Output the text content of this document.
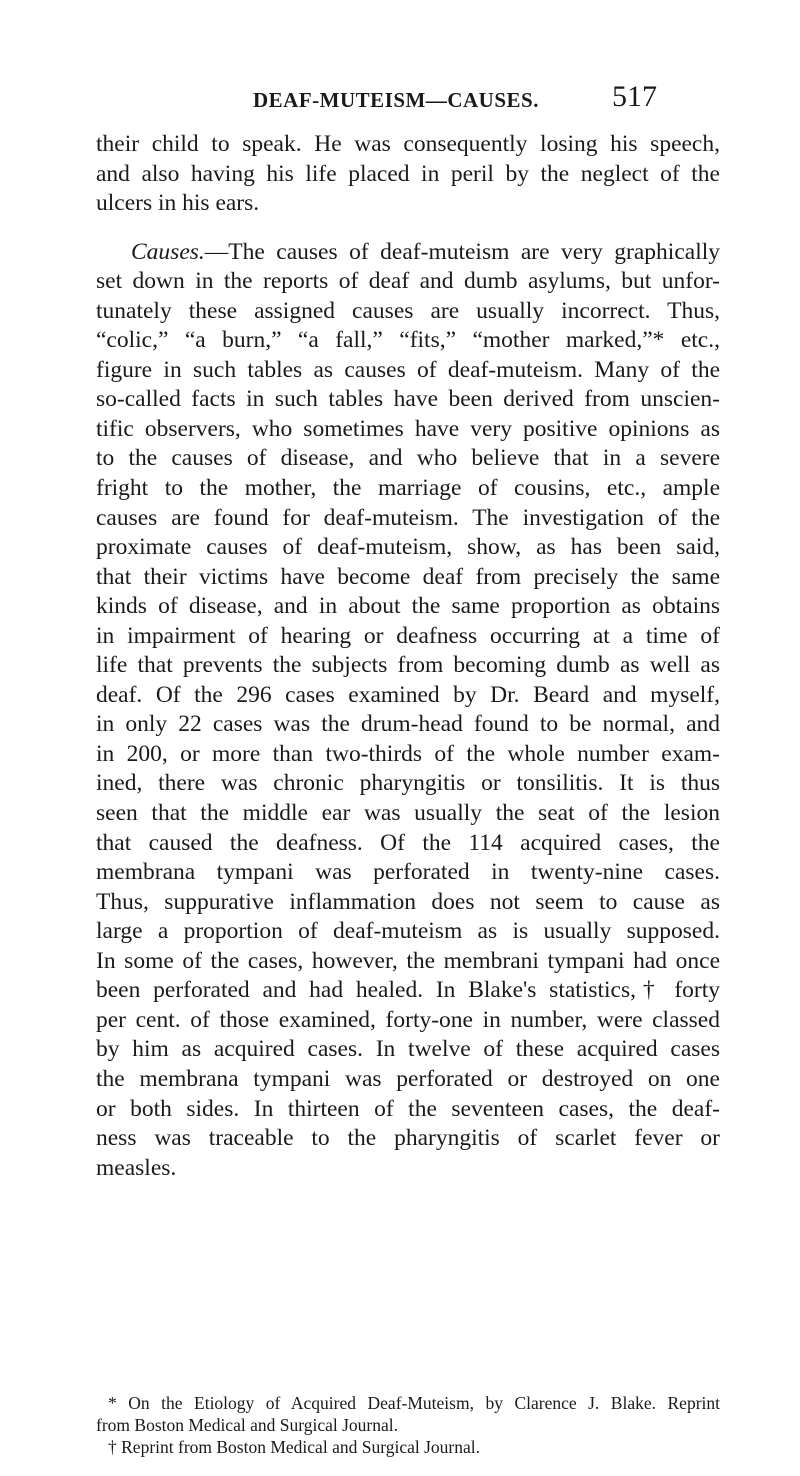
DEAF-MUTEISM—CAUSES. 517
their child to speak. He was consequently losing his speech,
and also having his life placed in peril by the neglect of the
ulcers in his ears.
Causes.—The causes of deaf-muteism are very graphically
set down in the reports of deaf and dumb asylums, but unfor-
tunately these assigned causes are usually incorrect. Thus,
“colic,” “a burn,” “a fall,” “fits,” “mother marked,”* etc.,
figure in such tables as causes of deaf-muteism. Many of the
so-called facts in such tables have been derived from unscien-
tific observers, who sometimes have very positive opinions as
to the causes of disease, and who believe that in a severe
fright to the mother, the marriage of cousins, etc., ample
causes are found for deaf-muteism. The investigation of the
proximate causes of deaf-muteism, show, as has been said,
that their victims have become deaf from precisely the same
kinds of disease, and in about the same proportion as obtains
in impairment of hearing or deafness occurring at a time of
life that prevents the subjects from becoming dumb as well as
deaf. Of the 296 cases examined by Dr. Beard and myself,
in only 22 cases was the drum-head found to be normal, and
in 200, or more than two-thirds of the whole number exam-
ined, there was chronic pharyngitis or tonsilitis. It is thus
seen that the middle ear was usually the seat of the lesion
that caused the deafness. Of the 114 acquired cases, the
membrana tympani was perforated in twenty-nine cases.
Thus, suppurative inflammation does not seem to cause as
large a proportion of deaf-muteism as is usually supposed.
In some of the cases, however, the membrani tympani had once
been perforated and had healed. In Blake's statistics,† forty
per cent. of those examined, forty-one in number, were classed
by him as acquired cases. In twelve of these acquired cases
the membrana tympani was perforated or destroyed on one
or both sides. In thirteen of the seventeen cases, the deaf-
ness was traceable to the pharyngitis of scarlet fever or
measles.
* On the Etiology of Acquired Deaf-Muteism, by Clarence J. Blake. Reprint
from Boston Medical and Surgical Journal.
† Reprint from Boston Medical and Surgical Journal.
